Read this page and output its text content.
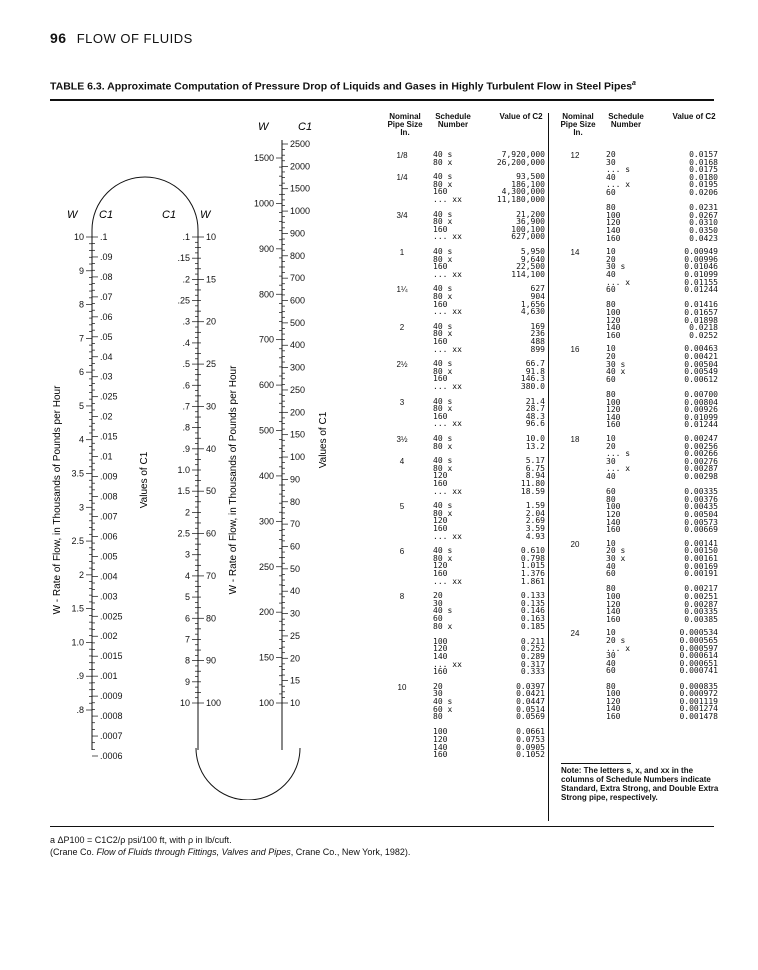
96 FLOW OF FLUIDS
TABLE 6.3. Approximate Computation of Pressure Drop of Liquids and Gases in Highly Turbulent Flow in Steel Pipes$^a$
10
9
8
7
6
5
4
3.5
3
2.5
2
1.5
1.0
.9
.8
.1
.09
.08
.07
.06
.05
.04
.03
.025
.02
.015
.01
.009
.008
.007
.006
.005
.004
.003
.0025
.002
.0015
.001
.0009
.0008
.0007
.0006
.1
.15
.2
.25
.3
.4
.5
.6
.7
.8
.9
1.0
1.5
2
2.5
3
4
5
6
7
8
9
10
10
15
20
25
30
40
50
60
70
80
90
100
1500
1000
900
800
700
600
500
400
300
250
200
150
100
2500
2000
1500
1000
900
800
700
600
500
400
300
250
200
150
100
90
80
70
60
50
40
30
25
20
15
10
W C1	C1 W
W	C1
W - Rate of Flow, in Thousands of Pounds per Hour	Values of C1	W - Rate of Flow, in Thousands of Pounds per Hour	Values of C1
Nominal Pipe Size In.
Schedule Number
Value of C2
1/8	40 s	7,920,000
80 x	26,200,000
1/4	40 s	93,500
80 x	186,100
160	4,300,000
... xx	11,180,000
3/4	40 s	21,200
80 x	36,900
160	100,100
... xx	627,000
1	40 s	5,950
80 x	9,640
160	22,500
... xx	114,100
1¼	40 s	627
80 x	904
160	1,656
... xx	4,630
2	40 s	169
80 x	236
160	488
... xx	899
2½	40 s	66.7
80 x	91.8
160	146.3
... xx	380.0
3	40 s	21.4
80 x	28.7
160	48.3
... xx	96.6
3½	40 s	10.0
80 x	13.2
4	40 s	5.17
80 x	6.75
120	8.94
160	11.80
... xx	18.59
5	40 s	1.59
80 x	2.04
120	2.69
160	3.59
... xx	4.93
6	40 s	0.610
80 x	0.798
120	1.015
160	1.376
... xx	1.861
8	20	0.133
30	0.135
40 s	0.146
60	0.163
80 x	0.185
100	0.211
120	0.252
140	0.289
... xx	0.317
160	0.333
10	20	0.0397
30	0.0421
40 s	0.0447
60 x	0.0514
80	0.0569
100	0.0661
120	0.0753
140	0.0905
160	0.1052
Nominal Pipe Size In.
Schedule Number
Value of C2
12	20	0.0157
30	0.0168
... s	0.0175
40	0.0180
... x	0.0195
60	0.0206
80	0.0231
100	0.0267
120	0.0310
140	0.0350
160	0.0423
14	10	0.00949
20	0.00996
30 s	0.01046
40	0.01099
... x	0.01155
60	0.01244
80	0.01416
100	0.01657
120	0.01898
140	0.0218
160	0.0252
16	10	0.00463
20	0.00421
30 s	0.00504
40 x	0.00549
60	0.00612
80	0.00700
100	0.00804
120	0.00926
140	0.01099
160	0.01244
18	10	0.00247
20	0.00256
... s	0.00266
30	0.00276
... x	0.00287
40	0.00298
60	0.00335
80	0.00376
100	0.00435
120	0.00504
140	0.00573
160	0.00669
20	10	0.00141
20 s	0.00150
30 x	0.00161
40	0.00169
60	0.00191
80	0.00217
100	0.00251
120	0.00287
140	0.00335
160	0.00385
24	10	0.000534
20 s	0.000565
... x	0.000597
30	0.000614
40	0.000651
60	0.000741
80	0.000835
100	0.000972
120	0.001119
140	0.001274
160	0.001478
Note: The letters s, x, and xx in the columns of Schedule Numbers indicate Standard, Extra Strong, and Double Extra Strong pipe, respectively.
a ΔP100 = C1C2/ρ psi/100 ft, with ρ in lb/cuft.
(Crane Co. Flow of Fluids through Fittings, Valves and Pipes, Crane Co., New York, 1982).
